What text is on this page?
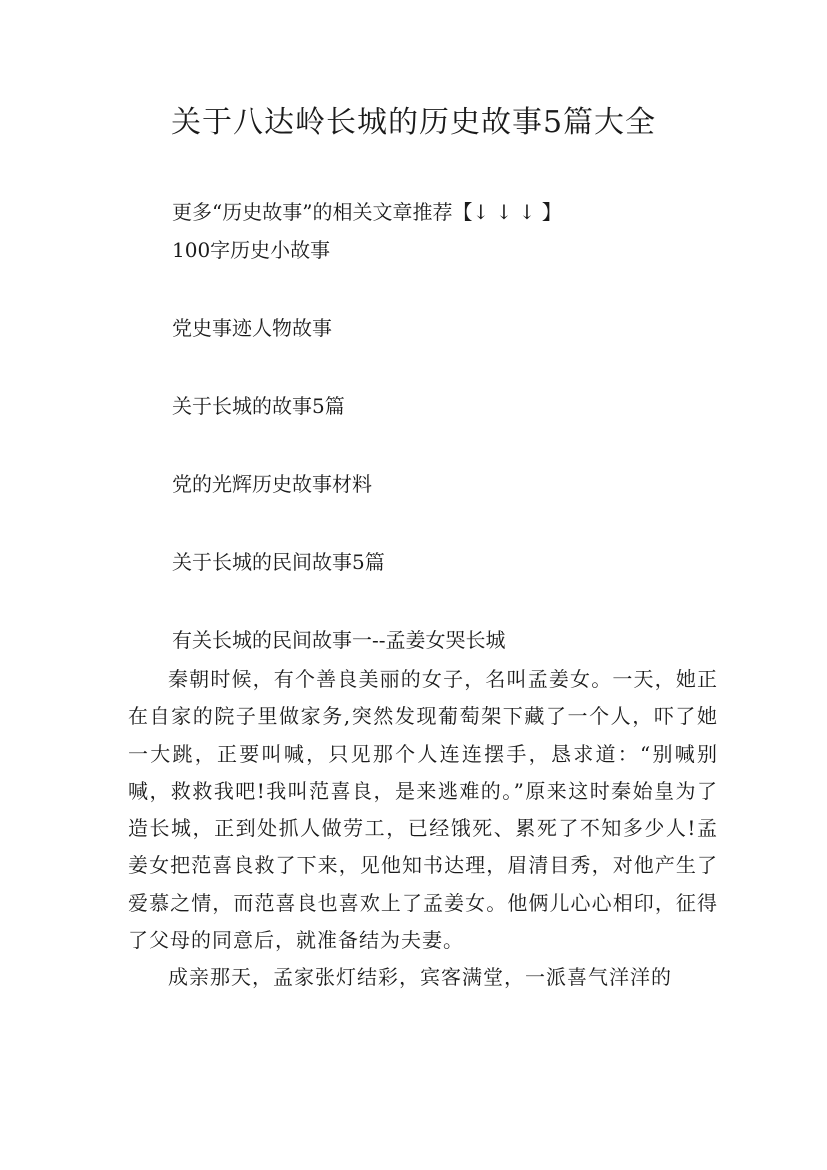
关于八达岭长城的历史故事5篇大全
更多“历史故事”的相关文章推荐【↓ ↓ ↓ 】
100字历史小故事
党史事迹人物故事
关于长城的故事5篇
党的光辉历史故事材料
关于长城的民间故事5篇
有关长城的民间故事一--孟姜女哭长城

秦朝时候，有个善良美丽的女子，名叫孟姜女。一天，她正在自家的院子里做家务,突然发现葡萄架下藏了一个人，吓了她一大跳，正要叫喊，只见那个人连连摆手，恳求道：“别喊别喊，救救我吧!我叫范喜良，是来逃难的。”原来这时秦始皇为了造长城，正到处抓人做劳工，已经饿死、累死了不知多少人!孟姜女把范喜良救了下来，见他知书达理，眉清目秀，对他产生了爱慕之情，而范喜良也喜欢上了孟姜女。他俩儿心心相印，征得了父母的同意后，就准备结为夫妻。

成亲那天，孟家张灯结彩，宾客满堂，一派喜气洋洋的
